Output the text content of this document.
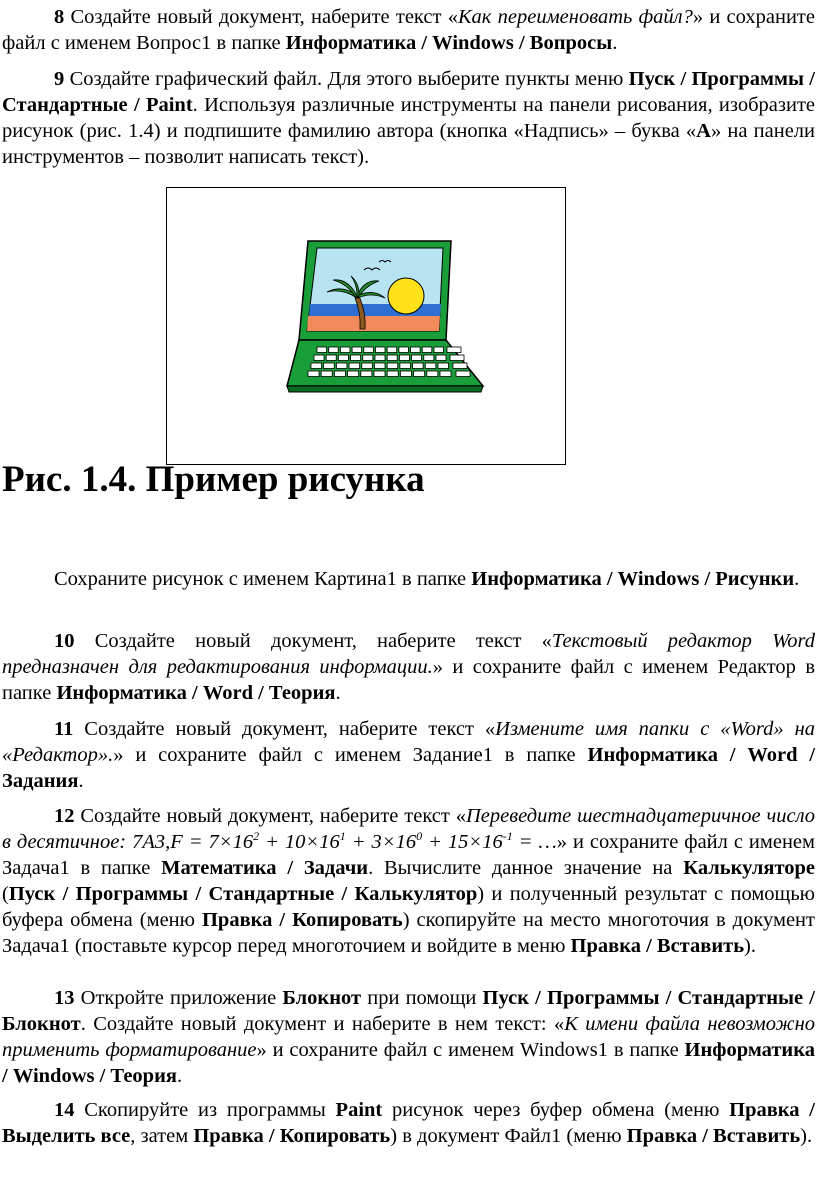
8 Создайте новый документ, наберите текст «Как переименовать файл?» и сохраните файл с именем Вопрос1 в папке Информатика / Windows / Вопросы.

9 Создайте графический файл. Для этого выберите пункты меню Пуск / Программы / Стандартные / Paint. Используя различные инструменты на панели рисования, изобразите рисунок (рис. 1.4) и подпишите фамилию автора (кнопка «Надпись» – буква «А» на панели инструментов – позволит написать текст).

Рис. 1.4. Пример рисунка

Сохраните рисунок с именем Картина1 в папке Информатика / Windows / Рисунки.

10 Создайте новый документ, наберите текст «Текстовый редактор Word предназначен для редактирования информации.» и сохраните файл с именем Редактор в папке Информатика / Word / Теория.

11 Создайте новый документ, наберите текст «Измените имя папки с «Word» на «Редактор».» и сохраните файл с именем Задание1 в папке Информатика / Word / Задания.

12 Создайте новый документ, наберите текст «Переведите шестнадцатеричное число в десятичное: $7A3,F = 7\times 16^2 + 10\times 16^1 + 3\times 16^0 + 15\times 16^{-1}$ = …» и сохраните файл с именем Задача1 в папке Математика / Задачи. Вычислите данное значение на Калькуляторе (Пуск / Программы / Стандартные / Калькулятор) и полученный результат с помощью буфера обмена (меню Правка / Копировать) скопируйте на место многоточия в документ Задача1 (поставьте курсор перед многоточием и войдите в меню Правка / Вставить).

13 Откройте приложение Блокнот при помощи Пуск / Программы / Стандартные / Блокнот. Создайте новый документ и наберите в нем текст: «К имени файла невозможно применить форматирование» и сохраните файл с именем Windows1 в папке Информатика / Windows / Теория.

14 Скопируйте из программы Paint рисунок через буфер обмена (меню Правка / Выделить все, затем Правка / Копировать) в документ Файл1 (меню Правка / Вставить).
